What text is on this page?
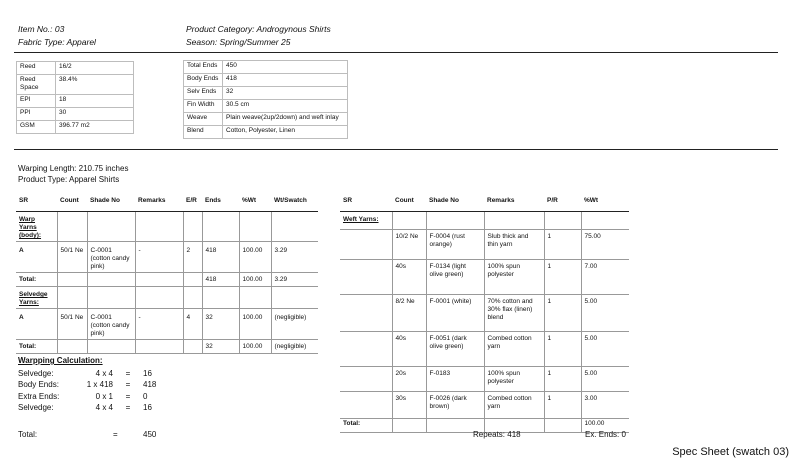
Item No.: 03
Fabric Type: Apparel
Product Category: Androgynous Shirts
Season: Spring/Summer 25
Reed	16/2
Reed Space	38.4%
EPI	18
PPI	30
GSM	396.77 m2
Total Ends	450
Body Ends	418
Selv Ends	32
Fin Width	30.5 cm
Weave	Plain weave(2up/2down) and weft inlay
Blend	Cotton, Polyester, Linen
Warping Length: 210.75 inches
Product Type: Apparel Shirts
SR	Count	Shade No	Remarks	E/R	Ends	%Wt	Wt/Swatch
Warp Yarns (body):							
A	50/1 Ne	C-0001 (cotton candy pink)	-	2	418	100.00	3.29
Total:					418	100.00	3.29
Selvedge Yarns:							
A	50/1 Ne	C-0001 (cotton candy pink)	-	4	32	100.00	(negligible)
Total:					32	100.00	(negligible)
SR	Count	Shade No	Remarks	P/R	%Wt
Weft Yarns:					
	10/2 Ne	F-0004 (rust orange)	Slub thick and thin yarn	1	75.00
	40s	F-0134 (light olive green)	100% spun polyester	1	7.00
	8/2 Ne	F-0001 (white)	70% cotton and 30% flax (linen) blend	1	5.00
	40s	F-0051 (dark olive green)	Combed cotton yarn	1	5.00
	20s	F-0183	100% spun polyester	1	5.00
	30s	F-0026 (dark brown)	Combed cotton yarn	1	3.00
Total:					100.00
Warpping Calculation:
Selvedge:	4 x 4	=	16
Body Ends:	1 x 418	=	418
Extra Ends:	0 x 1	=	0
Selvedge:	4 x 4	=	16
Total:	=	450	Repeats: 418	Ex. Ends: 0
Spec Sheet (swatch 03)
